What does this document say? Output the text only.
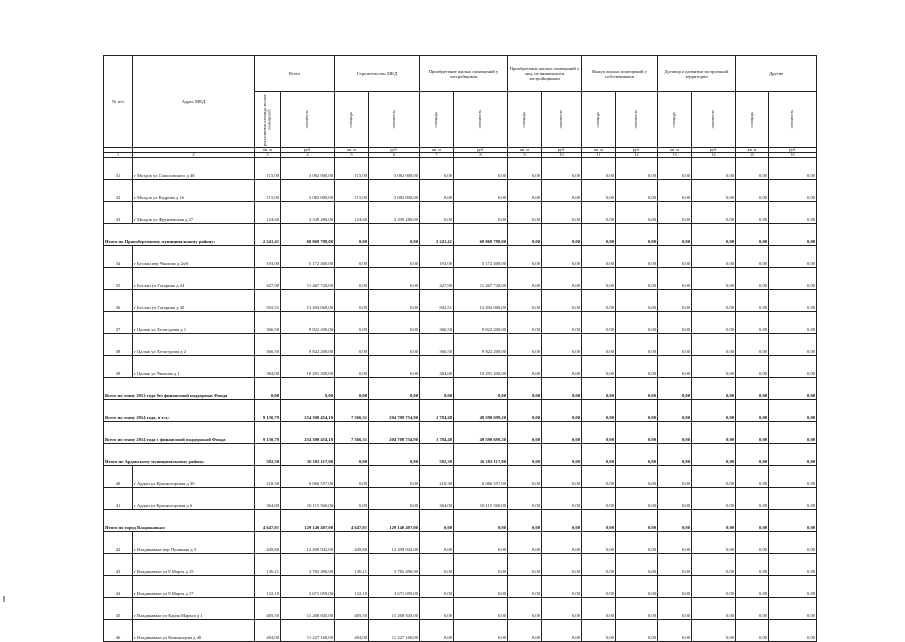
№ п/п	Адрес МКД	Всего		Строительство МКД		Приобретение жилых помещений у застройщиков		Приобретение жилых помещений у лиц, не являющихся застройщиками		Выкуп жилых помещений у собственников		Договор о развитии застроенной территории		Другие	

		расселяемая площадь жилых помещений	стоимость	площадь	стоимость	площадь	стоимость	площадь	стоимость	площадь	стоимость	площадь	стоимость	площадь	стоимость

		кв. м	руб.	кв. м	руб.	кв. м	руб.	кв. м	руб.	кв. м	руб.	кв. м	руб.	кв. м	руб.
1	2	3	4	5	6	7	8	9	10	11	12	13	14	15	16
31	г Моздок ул Соколовского д 48	115,00	3 082 000,00	115,00	3 082 000,00	0,00	0,00	0,00	0,00	0,00	0,00	0,00	0,00	0,00	0,00
32	г Моздок ул Кадрова д 16	115,00	3 082 000,00	115,00	3 082 000,00	0,00	0,00	0,00	0,00	0,00	0,00	0,00	0,00	0,00	0,00
33	г Моздок ул Фрунзенская д 27	124,60	3 339 280,00	124,60	3 339 280,00	0,00	0,00	0,00	0,00	0,00	0,00	0,00	0,00	0,00	0,00
Итого по Правобережному муниципальному району:		2 241,41	60 069 788,00	0,00	0,00	2 241,41	60 069 788,00	0,00	0,00	0,00	0,00	0,00	0,00	0,00	0,00
34	г Беслан пер Чкалова д 2а/6	193,00	5 172 400,00	0,00	0,00	193,00	5 172 400,00	0,00	0,00	0,00	0,00	0,00	0,00	0,00	0,00
35	г Беслан ул Гагарина д 24	427,90	11 467 720,00	0,00	0,00	427,90	11 467 720,00	0,00	0,00	0,00	0,00	0,00	0,00	0,00	0,00
36	г Беслан ул Гагарина д 30	502,51	13 494 068,00	0,00	0,00	502,51	13 494 068,00	0,00	0,00	0,00	0,00	0,00	0,00	0,00	0,00
37	г Цалык ул Хетагурова д 1	366,50	9 822 200,00	0,00	0,00	366,50	9 822 200,00	0,00	0,00	0,00	0,00	0,00	0,00	0,00	0,00
38	г Цалык ул Хетагурова д 2	366,50	9 822 200,00	0,00	0,00	366,50	9 822 200,00	0,00	0,00	0,00	0,00	0,00	0,00	0,00	0,00
39	г Цалык ул Чкалова д 1	384,00	10 291 200,00	0,00	0,00	384,00	10 291 200,00	0,00	0,00	0,00	0,00	0,00	0,00	0,00	0,00
Всего по этапу 2013 года без финансовой поддержки Фонда		0,00	0,00	0,00	0,00	0,00	0,00	0,00	0,00	0,00	0,00	0,00	0,00	0,00	0,00
Всего по этапу 2014 года, в т.ч.:		9 150,79	254 300 454,10	7 366,31	204 709 754,90	1 784,48	49 590 699,20	0,00	0,00	0,00	0,00	0,00	0,00	0,00	0,00
Всего по этапу 2014 года с финансовой поддержкой Фонда		9 150,79	254 300 454,10	7 366,31	204 709 754,90	1 784,48	49 590 699,20	0,00	0,00	0,00	0,00	0,00	0,00	0,00	0,00
Итого по Ардонскому муниципальному району:		582,30	16 182 117,00	0,00	0,00	582,30	16 182 117,00	0,00	0,00	0,00	0,00	0,00	0,00	0,00	0,00
40	г Ардон ул Красногорская д 30	218,30	6 066 557,00	0,00	0,00	218,30	6 066 557,00	0,00	0,00	0,00	0,00	0,00	0,00	0,00	0,00
41	г Ардон ул Красногорская д 6	364,00	10 115 560,00	0,00	0,00	364,00	10 115 560,00	0,00	0,00	0,00	0,00	0,00	0,00	0,00	0,00
Итого по город Владикавказ:		4 647,01	129 140 407,00	4 647,01	129 140 407,00	0,00	0,00	0,00	0,00	0,00	0,00	0,00	0,00	0,00	0,00
42	г Владикавказ пер Пушкина д 3	449,80	12 499 942,00	449,80	12 499 942,00	0,00	0,00	0,00	0,00	0,00	0,00	0,00	0,00	0,00	0,00
43	г Владикавказ ул 8 Марта д 15	136,11	3 782 496,90	136,11	3 782 496,90	0,00	0,00	0,00	0,00	0,00	0,00	0,00	0,00	0,00	0,00
44	г Владикавказ ул 8 Марта д 17	132,10	3 671 059,00	132,10	3 671 059,00	0,00	0,00	0,00	0,00	0,00	0,00	0,00	0,00	0,00	0,00
45	г Владикавказ ул Карла Маркса д 1	405,50	11 268 845,00	405,50	11 268 845,00	0,00	0,00	0,00	0,00	0,00	0,00	0,00	0,00	0,00	0,00
46	г Владикавказ ул Коминтерна д 40	404,00	11 227 160,00	404,00	11 227 160,00	0,00	0,00	0,00	0,00	0,00	0,00	0,00	0,00	0,00	0,00
